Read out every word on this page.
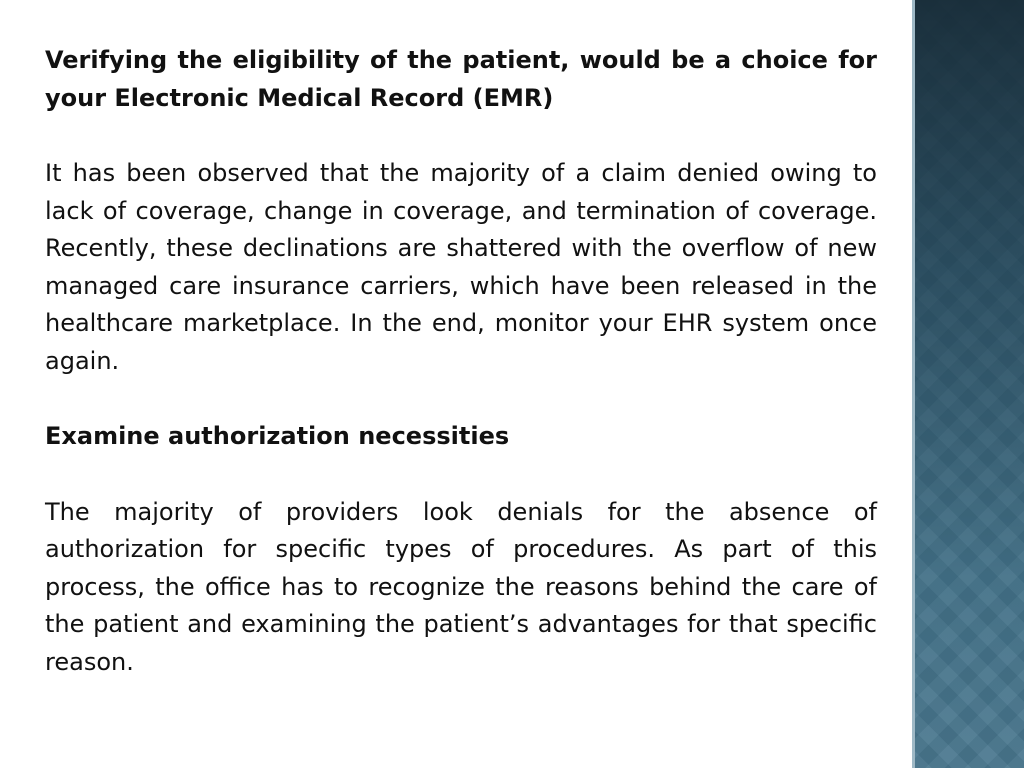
Verifying the eligibility of the patient, would be a choice for your Electronic Medical Record (EMR)

It has been observed that the majority of a claim denied owing to lack of coverage, change in coverage, and termination of coverage. Recently, these declinations are shattered with the overflow of new managed care insurance carriers, which have been released in the healthcare marketplace. In the end, monitor your EHR system once again.

Examine authorization necessities

The majority of providers look denials for the absence of authorization for specific types of procedures. As part of this process, the office has to recognize the reasons behind the care of the patient and examining the patient’s advantages for that specific reason.
